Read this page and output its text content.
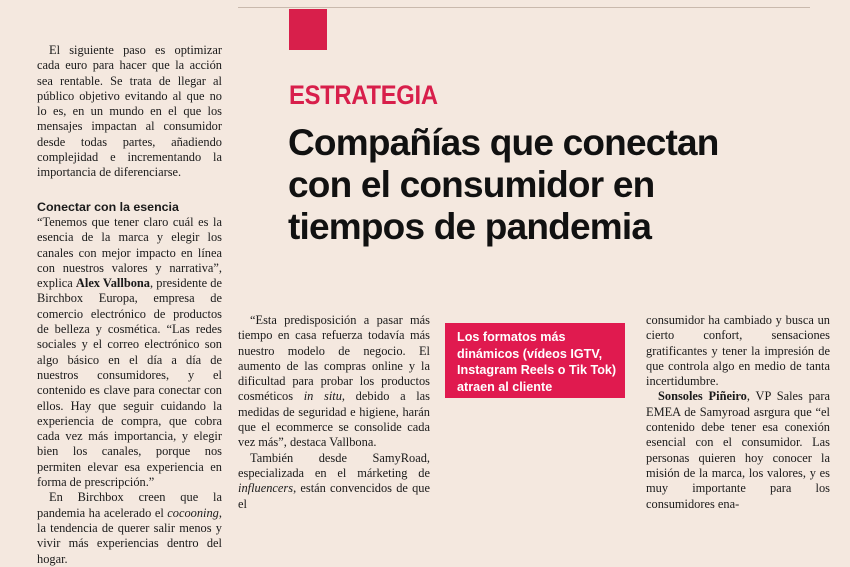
El siguiente paso es optimizar cada euro para hacer que la acción sea rentable. Se trata de llegar al público objetivo evitando al que no lo es, en un mundo en el que los mensajes impactan al consumidor desde todas partes, añadiendo complejidad e incrementando la importancia de diferenciarse.

Conectar con la esencia

“Tenemos que tener claro cuál es la esencia de la marca y elegir los canales con mejor impacto en línea con nuestros valores y narrativa”, explica Alex Vallbona, presidente de Birchbox Europa, empresa de comercio electrónico de productos de belleza y cosmética. “Las redes sociales y el correo electrónico son algo básico en el día a día de nuestros consumidores, y el contenido es clave para conectar con ellos. Hay que seguir cuidando la experiencia de compra, que cobra cada vez más importancia, y elegir bien los canales, porque nos permiten elevar esa experiencia en forma de prescripción.”

En Birchbox creen que la pandemia ha acelerado el cocooning, la tendencia de querer salir menos y vivir más experiencias dentro del hogar.

ESTRATEGIA
Compañías que conectan con el consumidor en tiempos de pandemia

“Esta predisposición a pasar más tiempo en casa refuerza todavía más nuestro modelo de negocio. El aumento de las compras online y la dificultad para probar los productos cosméticos in situ, debido a las medidas de seguridad e higiene, harán que el ecommerce se consolide cada vez más”, destaca Vallbona.

También desde SamyRoad, especializada en el márketing de influencers, están convencidos de que el

Los formatos más dinámicos (vídeos IGTV, Instagram Reels o Tik Tok) atraen al cliente

consumidor ha cambiado y busca un cierto confort, sensaciones gratificantes y tener la impresión de que controla algo en medio de tanta incertidumbre.

Sonsoles Piñeiro, VP Sales para EMEA de Samyroad asrgura que “el contenido debe tener esa conexión esencial con el consumidor. Las personas quieren hoy conocer la misión de la marca, los valores, y es muy importante para los consumidores ena-
